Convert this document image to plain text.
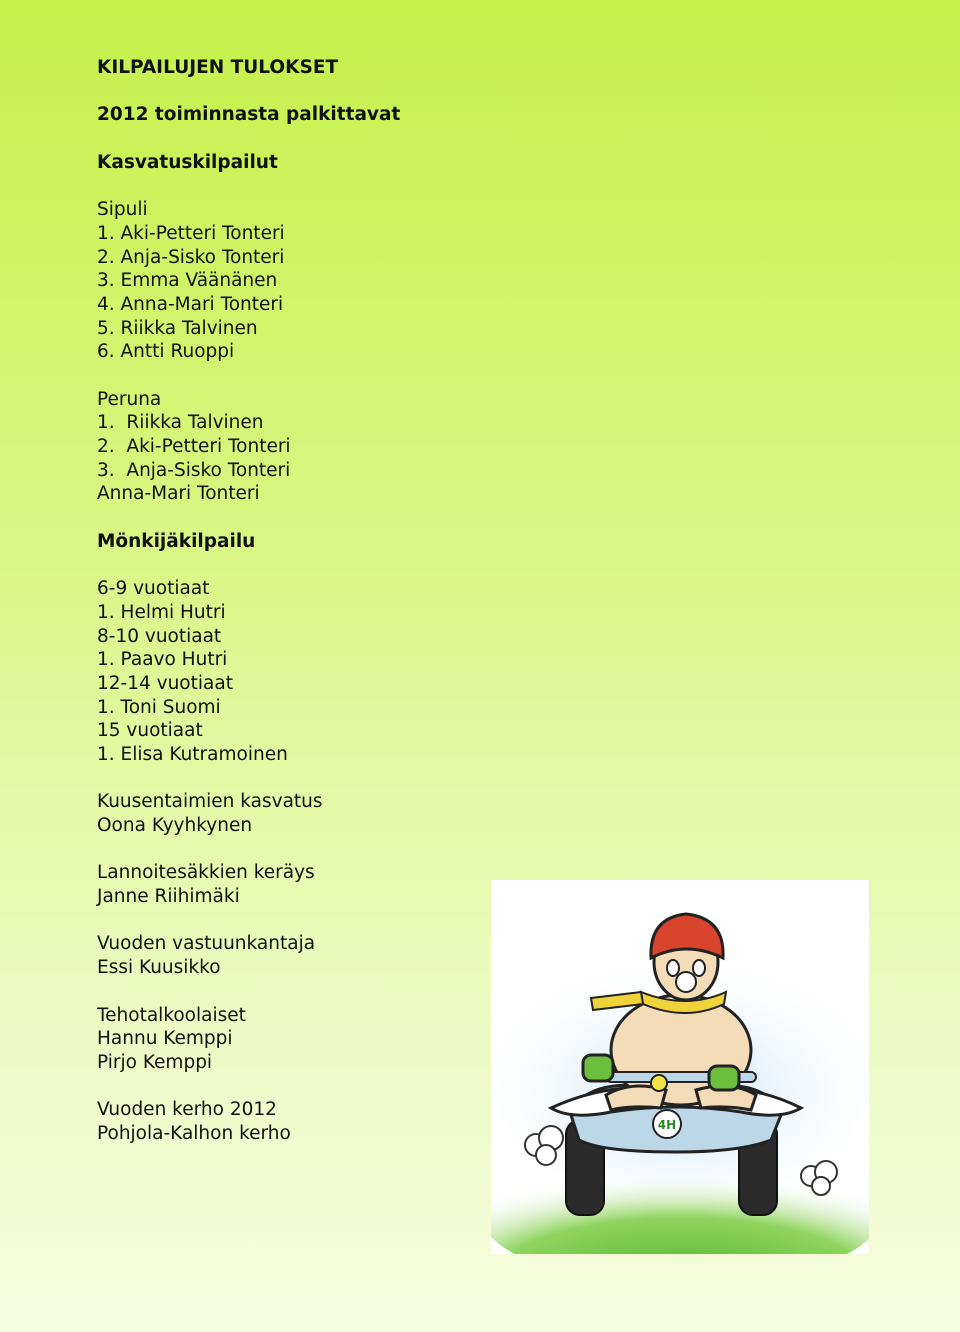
KILPAILUJEN TULOKSET
2012 toiminnasta palkittavat
Kasvatuskilpailut
Sipuli
1. Aki-Petteri Tonteri
2. Anja-Sisko Tonteri
3. Emma Väänänen
4. Anna-Mari Tonteri
5. Riikka Talvinen
6. Antti Ruoppi
Peruna
1.  Riikka Talvinen
2.  Aki-Petteri Tonteri
3.  Anja-Sisko Tonteri
Anna-Mari Tonteri
Mönkijäkilpailu
6-9 vuotiaat
1. Helmi Hutri
8-10 vuotiaat
1. Paavo Hutri
12-14 vuotiaat
1. Toni Suomi
15 vuotiaat
1. Elisa Kutramoinen
Kuusentaimien kasvatus
Oona Kyyhkynen
Lannoitesäkkien keräys
Janne Riihimäki
Vuoden vastuunkantaja
Essi Kuusikko
Tehotalkoolaiset
Hannu Kemppi
Pirjo Kemppi
Vuoden kerho 2012
Pohjola-Kalhon kerho	4H
